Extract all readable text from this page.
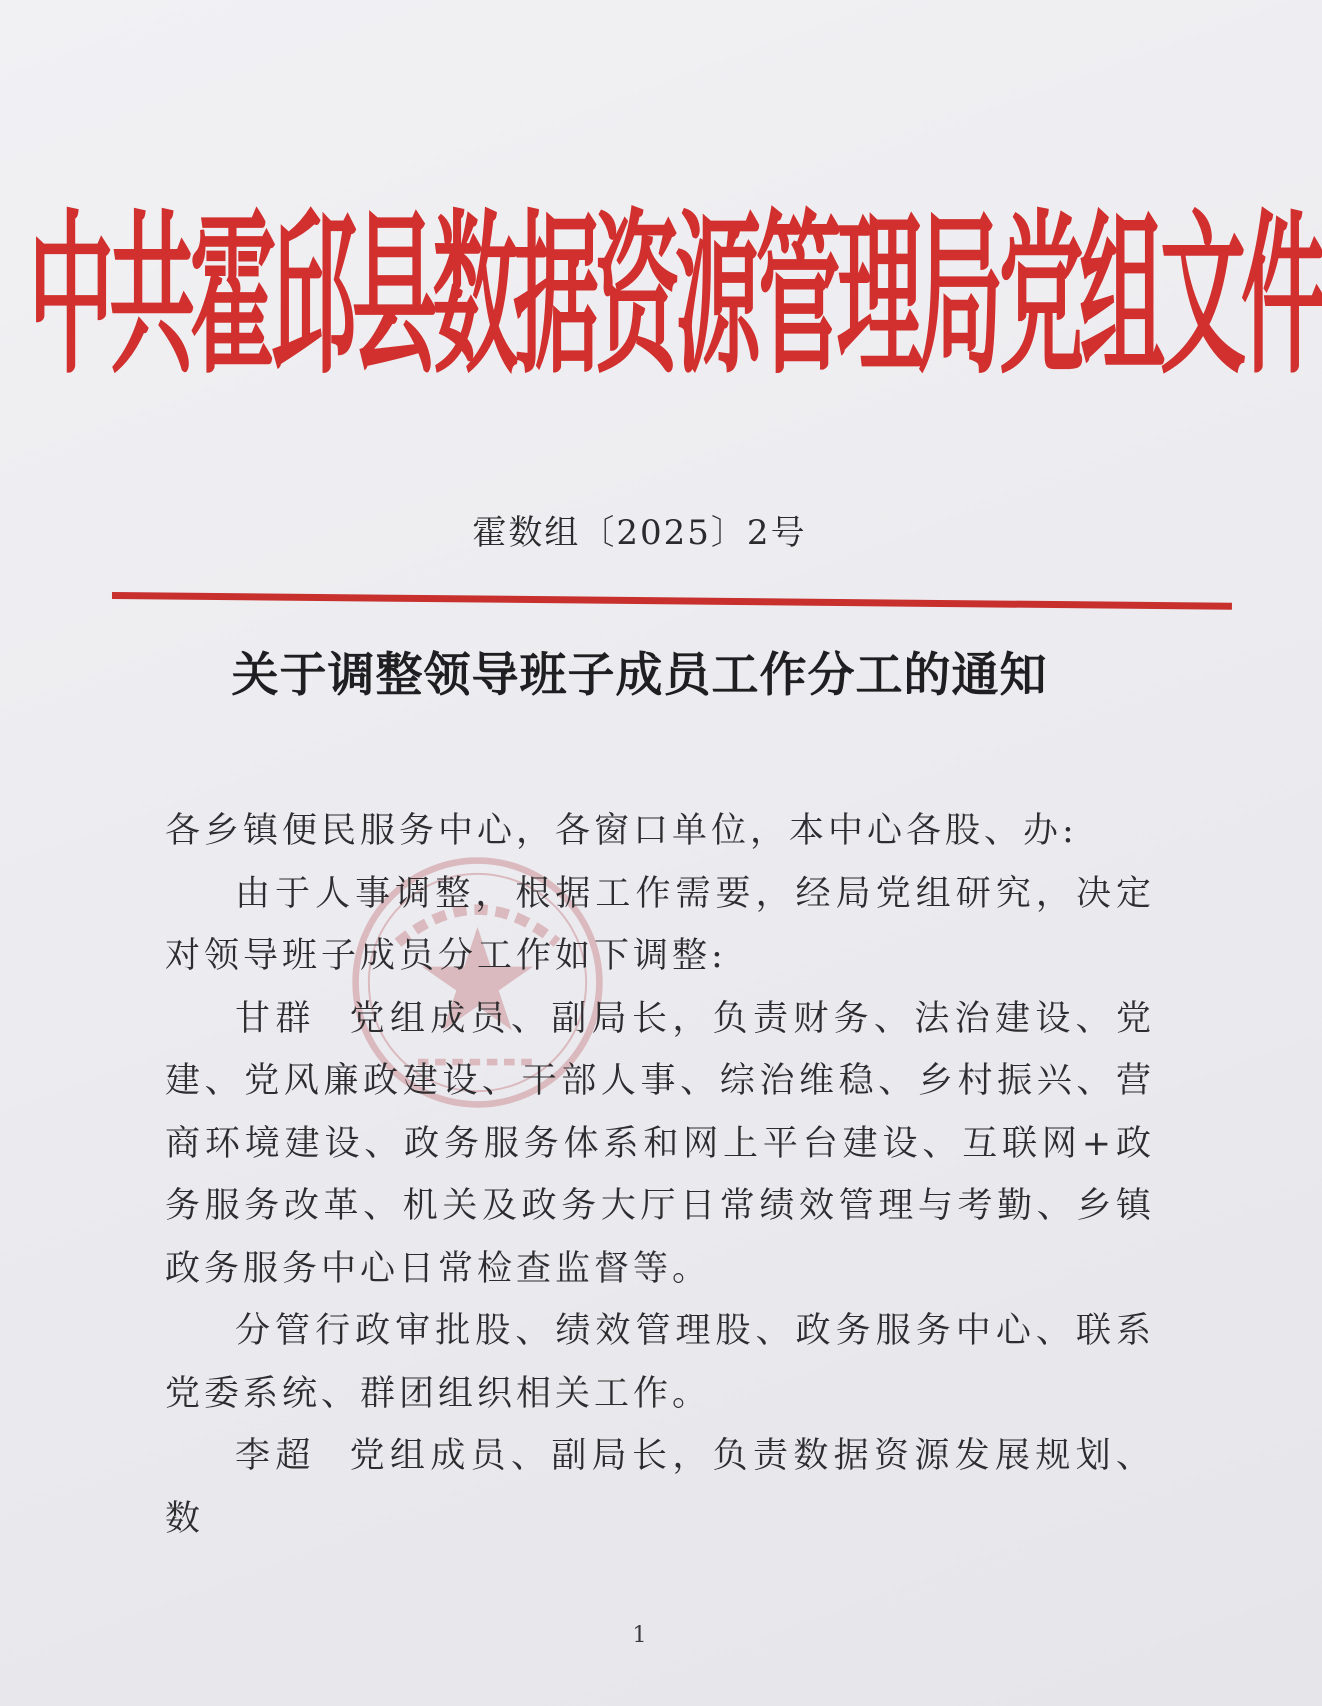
中共霍邱县数据资源管理局党组文件
霍数组〔2025〕2号
关于调整领导班子成员工作分工的通知

各乡镇便民服务中心，各窗口单位，本中心各股、办:

由于人事调整，根据工作需要，经局党组研究，决定对领导班子成员分工作如下调整:

甘群 党组成员、副局长，负责财务、法治建设、党建、党风廉政建设、干部人事、综治维稳、乡村振兴、营商环境建设、政务服务体系和网上平台建设、互联网+政务服务改革、机关及政务大厅日常绩效管理与考勤、乡镇政务服务中心日常检查监督等。

分管行政审批股、绩效管理股、政务服务中心、联系党委系统、群团组织相关工作。

李超 党组成员、副局长，负责数据资源发展规划、数

1
